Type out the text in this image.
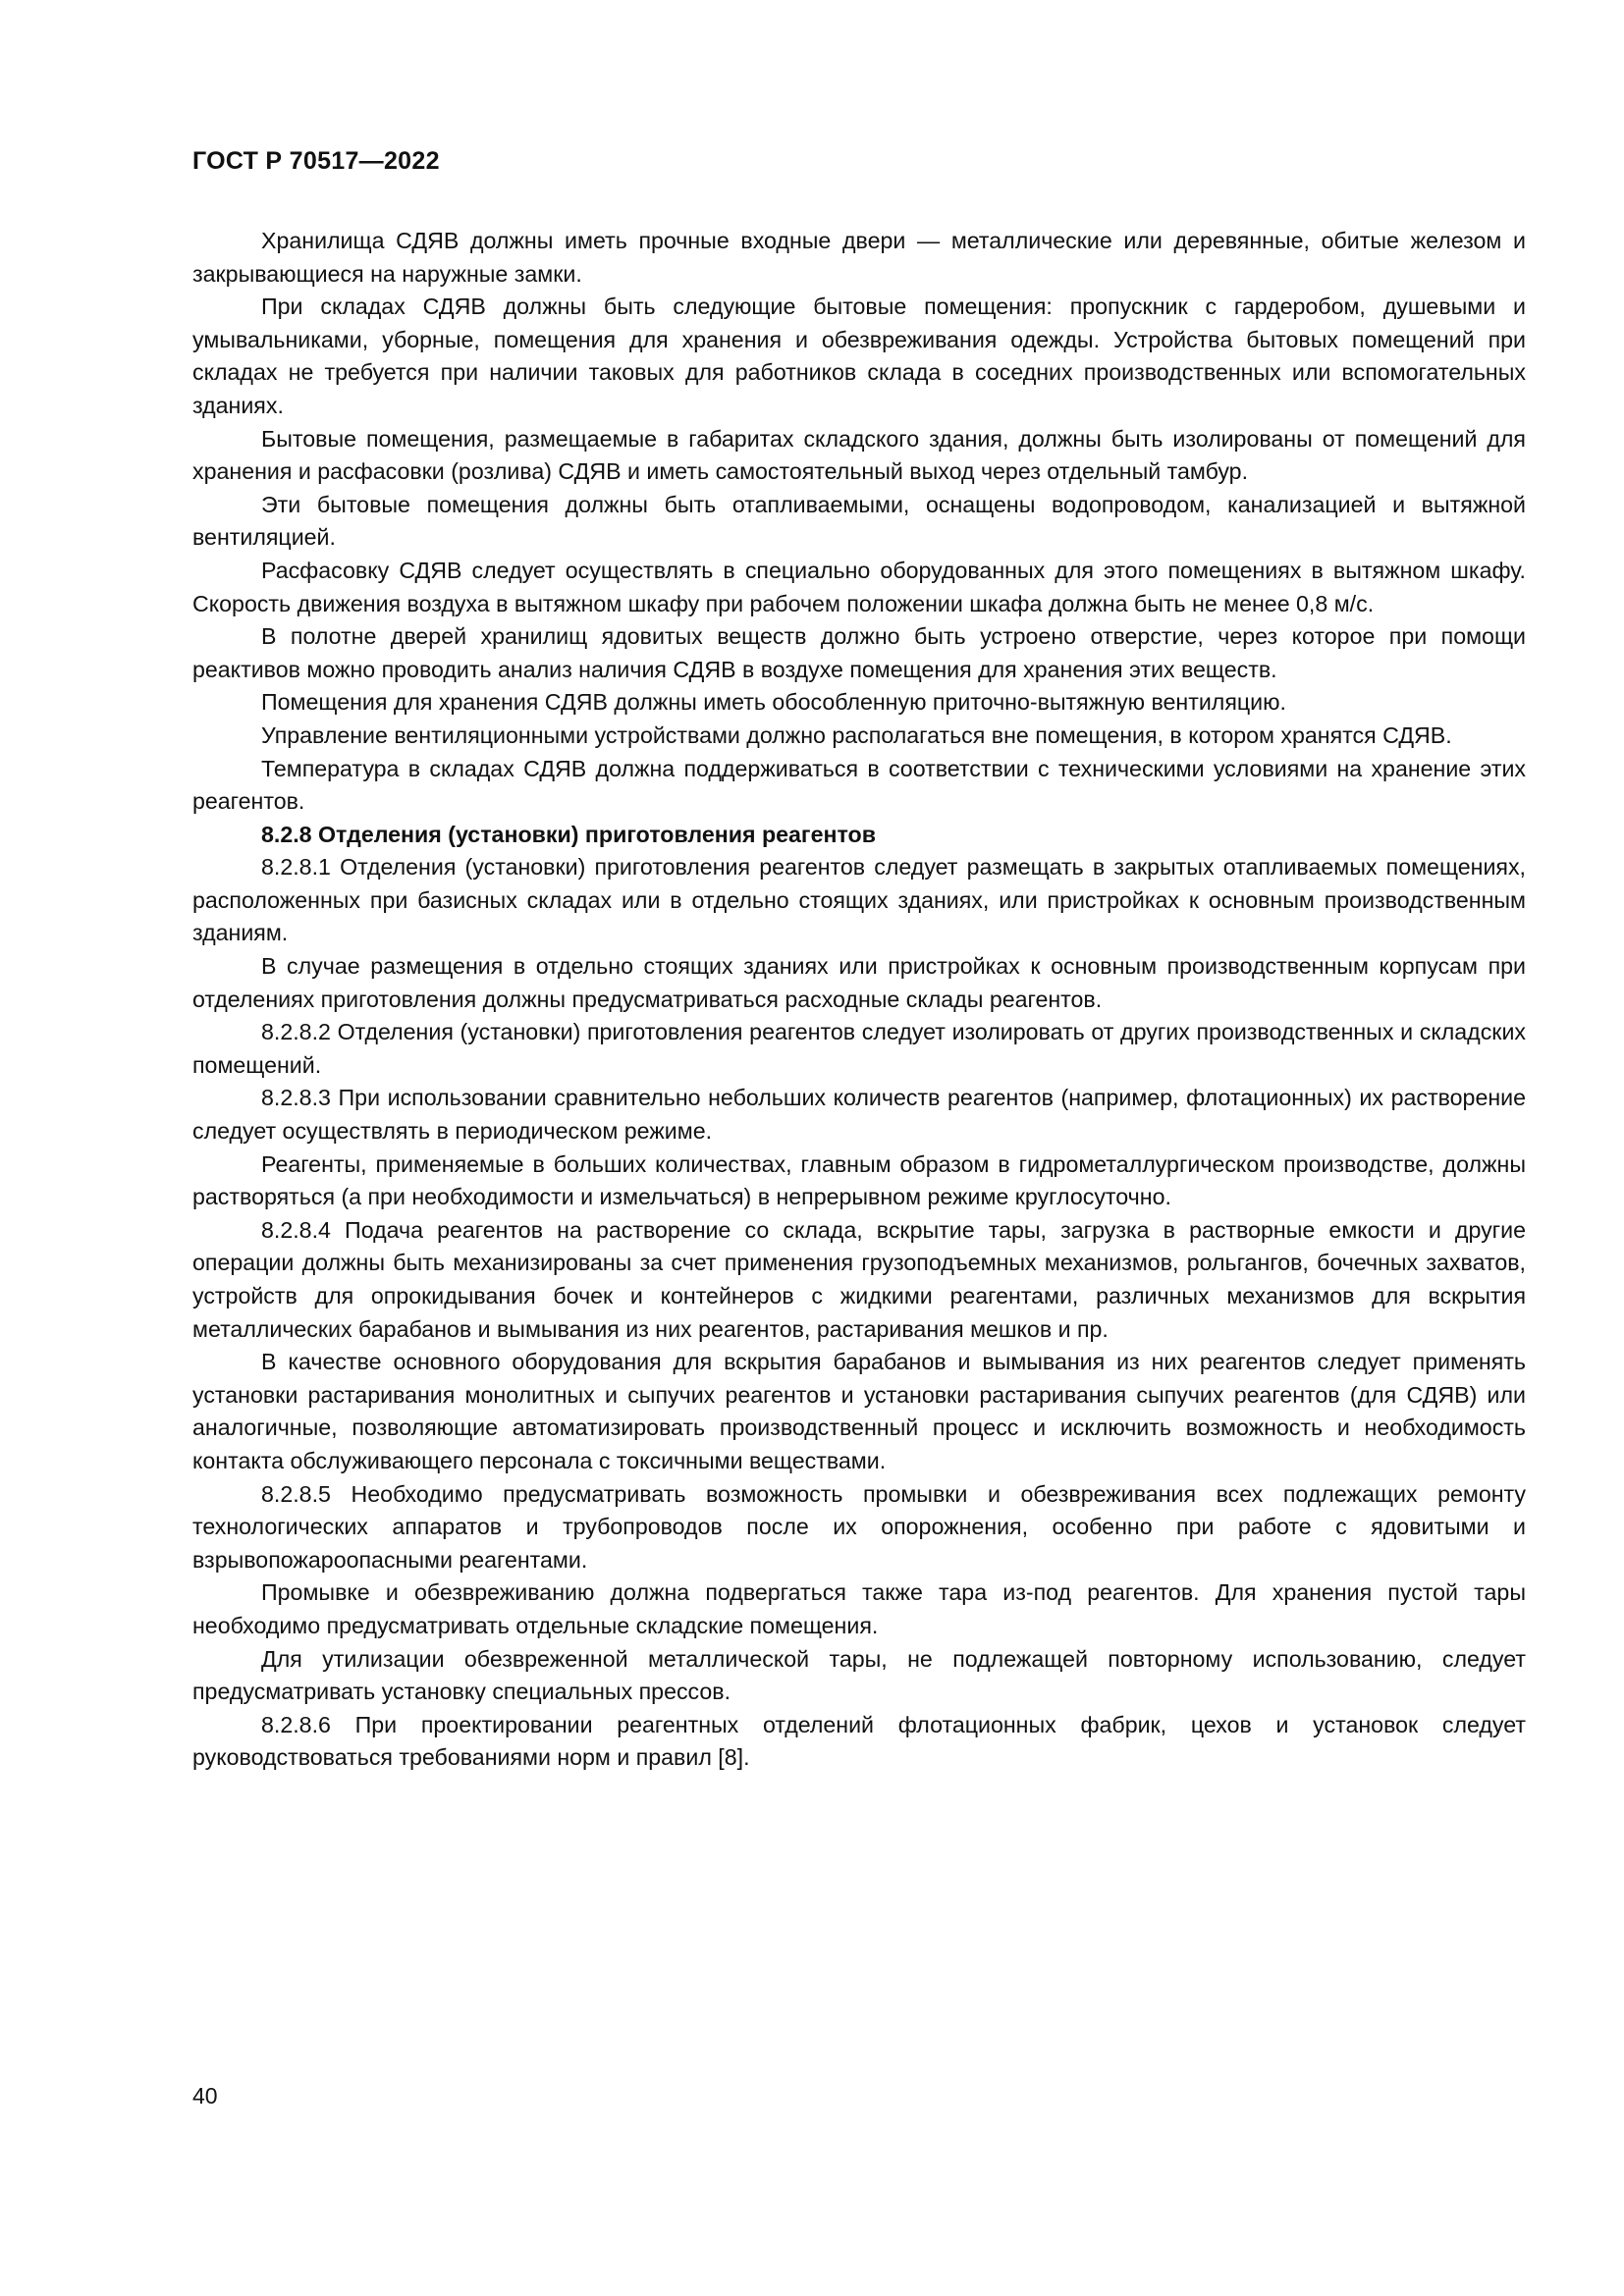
ГОСТ Р 70517—2022

Хранилища СДЯВ должны иметь прочные входные двери — металлические или деревянные, обитые железом и закрывающиеся на наружные замки.

При складах СДЯВ должны быть следующие бытовые помещения: пропускник с гардеробом, душевыми и умывальниками, уборные, помещения для хранения и обезвреживания одежды. Устройства бытовых помещений при складах не требуется при наличии таковых для работников склада в соседних производственных или вспомогательных зданиях.

Бытовые помещения, размещаемые в габаритах складского здания, должны быть изолированы от помещений для хранения и расфасовки (розлива) СДЯВ и иметь самостоятельный выход через отдельный тамбур.

Эти бытовые помещения должны быть отапливаемыми, оснащены водопроводом, канализацией и вытяжной вентиляцией.

Расфасовку СДЯВ следует осуществлять в специально оборудованных для этого помещениях в вытяжном шкафу. Скорость движения воздуха в вытяжном шкафу при рабочем положении шкафа должна быть не менее 0,8 м/с.

В полотне дверей хранилищ ядовитых веществ должно быть устроено отверстие, через которое при помощи реактивов можно проводить анализ наличия СДЯВ в воздухе помещения для хранения этих веществ.

Помещения для хранения СДЯВ должны иметь обособленную приточно-вытяжную вентиляцию.

Управление вентиляционными устройствами должно располагаться вне помещения, в котором хранятся СДЯВ.

Температура в складах СДЯВ должна поддерживаться в соответствии с техническими условиями на хранение этих реагентов.

8.2.8 Отделения (установки) приготовления реагентов

8.2.8.1 Отделения (установки) приготовления реагентов следует размещать в закрытых отапливаемых помещениях, расположенных при базисных складах или в отдельно стоящих зданиях, или пристройках к основным производственным зданиям.

В случае размещения в отдельно стоящих зданиях или пристройках к основным производственным корпусам при отделениях приготовления должны предусматриваться расходные склады реагентов.

8.2.8.2 Отделения (установки) приготовления реагентов следует изолировать от других производственных и складских помещений.

8.2.8.3 При использовании сравнительно небольших количеств реагентов (например, флотационных) их растворение следует осуществлять в периодическом режиме.

Реагенты, применяемые в больших количествах, главным образом в гидрометаллургическом производстве, должны растворяться (а при необходимости и измельчаться) в непрерывном режиме круглосуточно.

8.2.8.4 Подача реагентов на растворение со склада, вскрытие тары, загрузка в растворные емкости и другие операции должны быть механизированы за счет применения грузоподъемных механизмов, рольгангов, бочечных захватов, устройств для опрокидывания бочек и контейнеров с жидкими реагентами, различных механизмов для вскрытия металлических барабанов и вымывания из них реагентов, растаривания мешков и пр.

В качестве основного оборудования для вскрытия барабанов и вымывания из них реагентов следует применять установки растаривания монолитных и сыпучих реагентов и установки растаривания сыпучих реагентов (для СДЯВ) или аналогичные, позволяющие автоматизировать производственный процесс и исключить возможность и необходимость контакта обслуживающего персонала с токсичными веществами.

8.2.8.5 Необходимо предусматривать возможность промывки и обезвреживания всех подлежащих ремонту технологических аппаратов и трубопроводов после их опорожнения, особенно при работе с ядовитыми и взрывопожароопасными реагентами.

Промывке и обезвреживанию должна подвергаться также тара из-под реагентов. Для хранения пустой тары необходимо предусматривать отдельные складские помещения.

Для утилизации обезвреженной металлической тары, не подлежащей повторному использованию, следует предусматривать установку специальных прессов.

8.2.8.6 При проектировании реагентных отделений флотационных фабрик, цехов и установок следует руководствоваться требованиями норм и правил [8].

40
